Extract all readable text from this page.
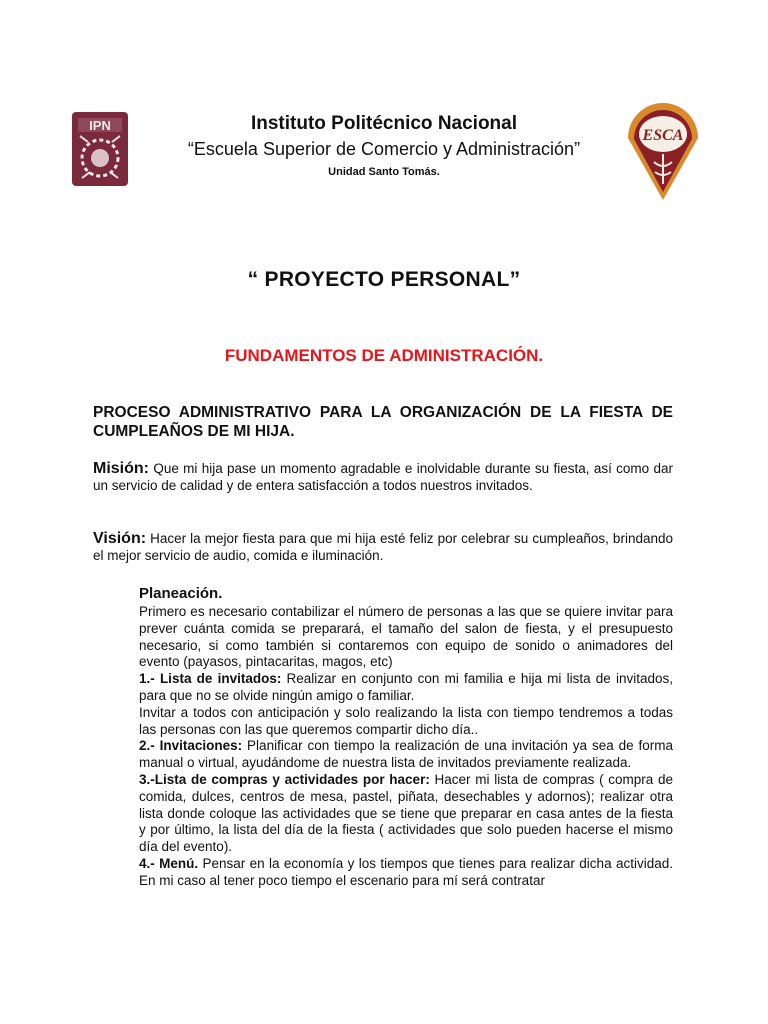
IPN
ESCA
Instituto Politécnico Nacional
“Escuela Superior de Comercio y Administración”
Unidad Santo Tomás.
“ PROYECTO PERSONAL”
FUNDAMENTOS DE ADMINISTRACIÓN.
PROCESO ADMINISTRATIVO PARA LA ORGANIZACIÓN DE LA FIESTA DE CUMPLEAÑOS DE MI HIJA.
Misión: Que mi hija pase un momento agradable e inolvidable durante su fiesta, así como dar un servicio de calidad y de entera satisfacción a todos nuestros invitados.
Visión: Hacer la mejor fiesta para que mi hija esté feliz por celebrar su cumpleaños, brindando el mejor servicio de audio, comida e iluminación.
Planeación.

Primero es necesario contabilizar el número de personas a las que se quiere invitar para prever cuánta comida se preparará, el tamaño del salon de fiesta, y el presupuesto necesario, si como también si contaremos con equipo de sonido o animadores del evento (payasos, pintacaritas, magos, etc)

1.- Lista de invitados: Realizar en conjunto con mi familia e hija mi lista de invitados, para que no se olvide ningún amigo o familiar.

Invitar a todos con anticipación y solo realizando la lista con tiempo tendremos a todas las personas con las que queremos compartir dicho día..

2.- Invitaciones: Planificar con tiempo la realización de una invitación ya sea de forma manual o virtual, ayudándome de nuestra lista de invitados previamente realizada.

3.-Lista de compras y actividades por hacer: Hacer mi lista de compras ( compra de comida, dulces, centros de mesa, pastel, piñata, desechables y adornos); realizar otra lista donde coloque las actividades que se tiene que preparar en casa antes de la fiesta y por último, la lista del día de la fiesta ( actividades que solo pueden hacerse el mismo día del evento).

4.- Menú. Pensar en la economía y los tiempos que tienes para realizar dicha actividad. En mi caso al tener poco tiempo el escenario para mí será contratar
